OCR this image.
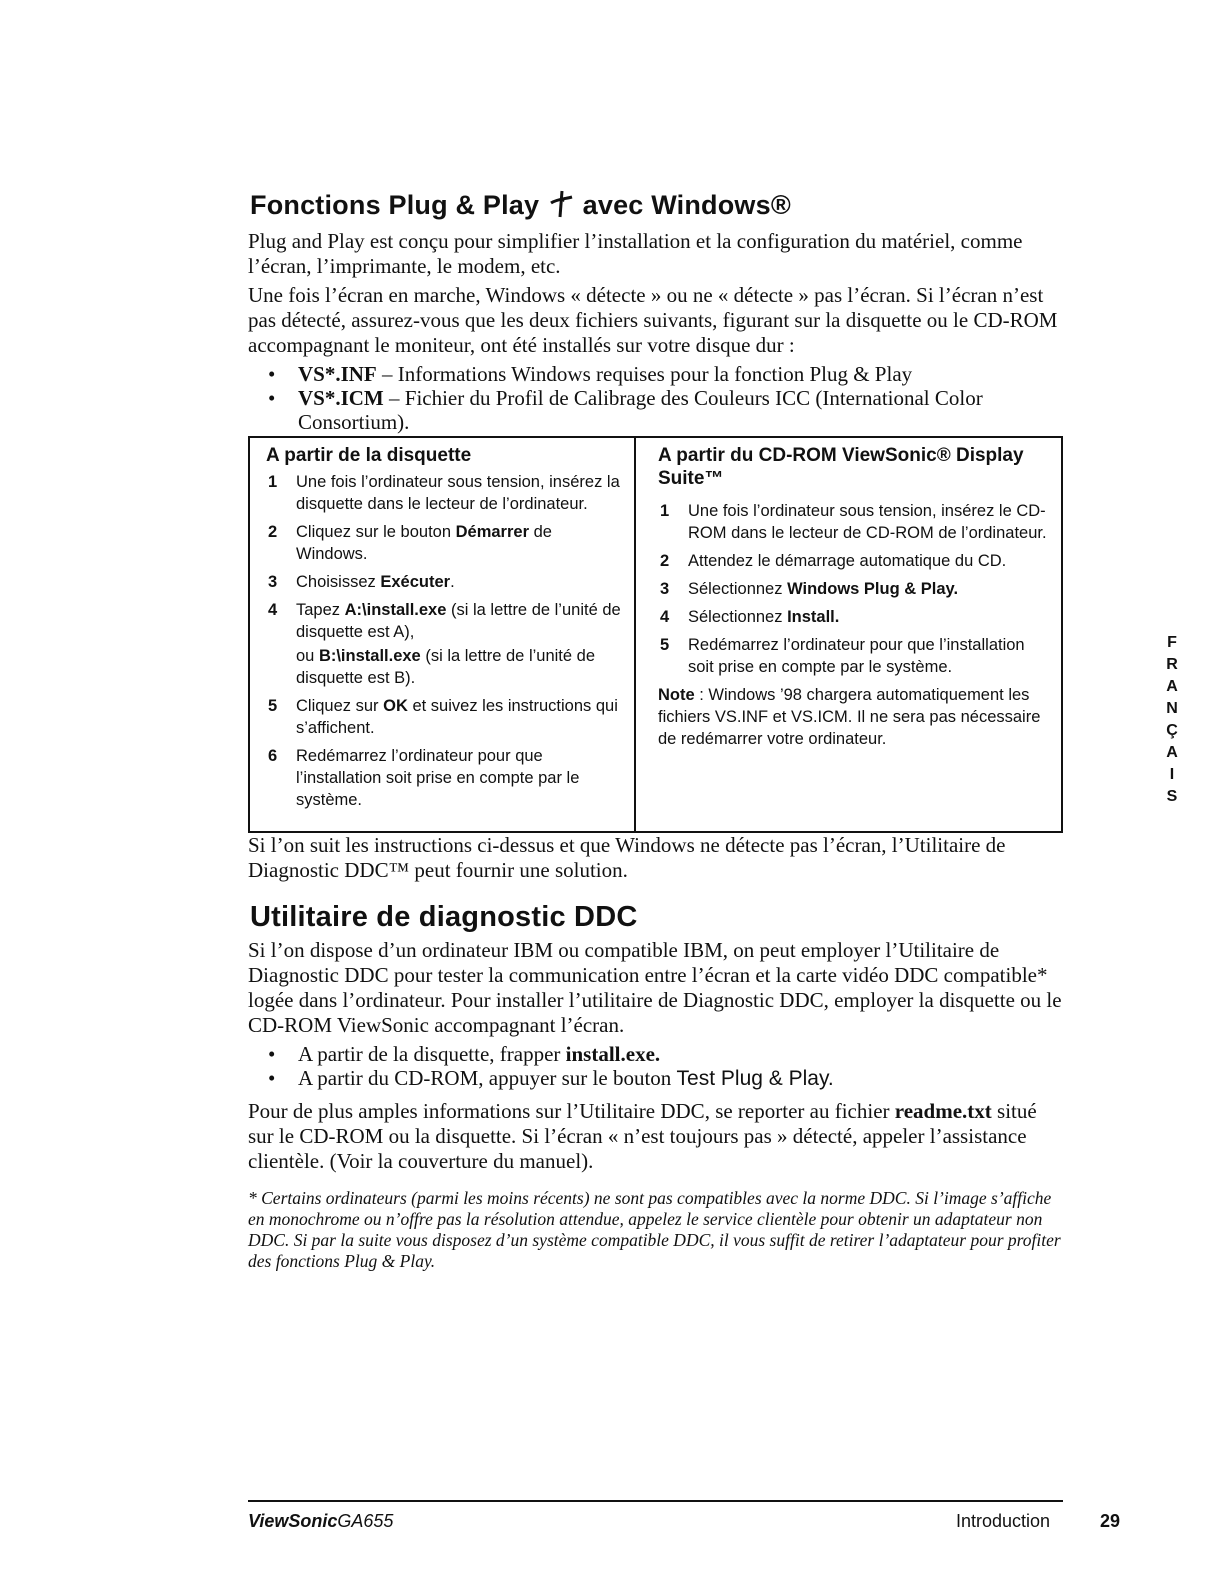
Fonctions Plug & Play avec Windows®

Plug and Play est conçu pour simplifier l’installation et la configuration du matériel, comme l’écran, l’imprimante, le modem, etc.

Une fois l’écran en marche, Windows « détecte » ou ne « détecte » pas l’écran. Si l’écran n’est pas détecté, assurez-vous que les deux fichiers suivants, figurant sur la disquette ou le CD-ROM accompagnant le moniteur, ont été installés sur votre disque dur :

• VS*.INF – Informations Windows requises pour la fonction Plug & Play
• VS*.ICM – Fichier du Profil de Calibrage des Couleurs ICC (International Color Consortium).
A partir de la disquette
1 Une fois l’ordinateur sous tension, insérez la disquette dans le lecteur de l’ordinateur.
2 Cliquez sur le bouton Démarrer de Windows.
3 Choisissez Exécuter.
4 Tapez A:\install.exe (si la lettre de l’unité de disquette est A),
ou B:\install.exe (si la lettre de l’unité de disquette est B).
5 Cliquez sur OK et suivez les instructions qui s’affichent.
6 Redémarrez l’ordinateur pour que l’installation soit prise en compte par le système.
A partir du CD-ROM ViewSonic® Display Suite™
1 Une fois l’ordinateur sous tension, insérez le CD-ROM dans le lecteur de CD-ROM de l’ordinateur.
2 Attendez le démarrage automatique du CD.
3 Sélectionnez Windows Plug & Play.
4 Sélectionnez Install.
5 Redémarrez l’ordinateur pour que l’installation soit prise en compte par le système.
Note : Windows ’98 chargera automatiquement les fichiers VS.INF et VS.ICM. Il ne sera pas nécessaire de redémarrer votre ordinateur.

Si l’on suit les instructions ci-dessus et que Windows ne détecte pas l’écran, l’Utilitaire de Diagnostic DDC™ peut fournir une solution.

Utilitaire de diagnostic DDC

Si l’on dispose d’un ordinateur IBM ou compatible IBM, on peut employer l’Utilitaire de Diagnostic DDC pour tester la communication entre l’écran et la carte vidéo DDC compatible* logée dans l’ordinateur. Pour installer l’utilitaire de Diagnostic DDC, employer la disquette ou le CD-ROM ViewSonic accompagnant l’écran.

• A partir de la disquette, frapper install.exe.
• A partir du CD-ROM, appuyer sur le bouton Test Plug & Play.

Pour de plus amples informations sur l’Utilitaire DDC, se reporter au fichier readme.txt situé sur le CD-ROM ou la disquette. Si l’écran « n’est toujours pas » détecté, appeler l’assistance clientèle. (Voir la couverture du manuel).

* Certains ordinateurs (parmi les moins récents) ne sont pas compatibles avec la norme DDC. Si l’image s’affiche en monochrome ou n’offre pas la résolution attendue, appelez le service clientèle pour obtenir un adaptateur non DDC. Si par la suite vous disposez d’un système compatible DDC, il vous suffit de retirer l’adaptateur pour profiter des fonctions Plug & Play.
F
R
A
N
Ç
A
I
S
ViewSonicGA655	Introduction	29
